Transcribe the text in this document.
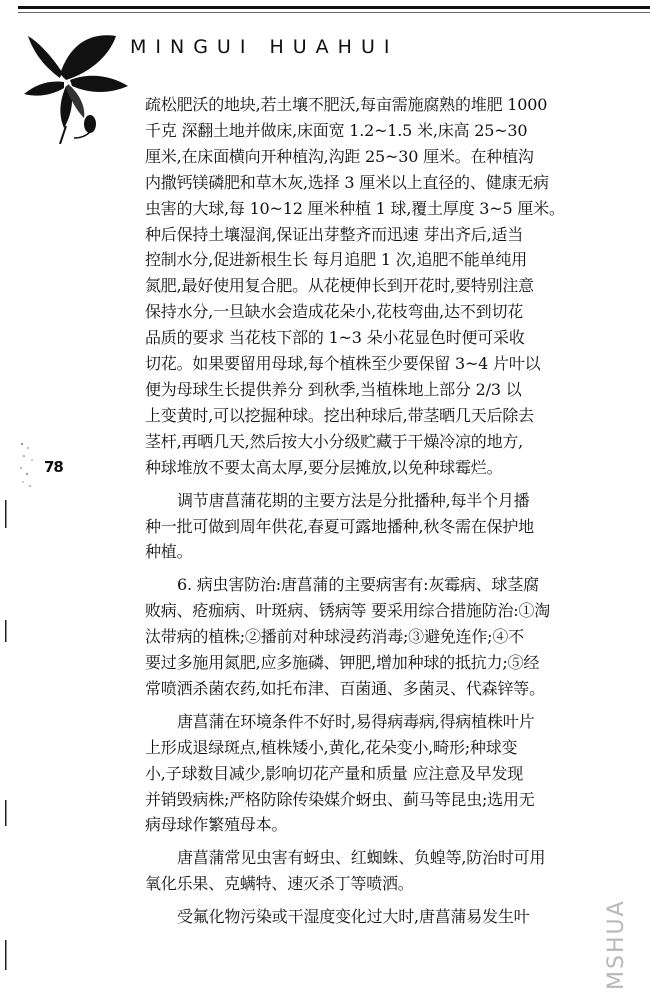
MINGUI HUAHUI
78
疏松肥沃的地块,若土壤不肥沃,每亩需施腐熟的堆肥 1000
千克 深翻土地并做床,床面宽 1.2~1.5 米,床高 25~30
厘米,在床面横向开种植沟,沟距 25~30 厘米。在种植沟
内撒钙镁磷肥和草木灰,选择 3 厘米以上直径的、健康无病
虫害的大球,每 10~12 厘米种植 1 球,覆土厚度 3~5 厘米。
种后保持土壤湿润,保证出芽整齐而迅速 芽出齐后,适当
控制水分,促进新根生长 每月追肥 1 次,追肥不能单纯用
氮肥,最好使用复合肥。从花梗伸长到开花时,要特别注意
保持水分,一旦缺水会造成花朵小,花枝弯曲,达不到切花
品质的要求 当花枝下部的 1~3 朵小花显色时便可采收
切花。如果要留用母球,每个植株至少要保留 3~4 片叶以
便为母球生长提供养分 到秋季,当植株地上部分 2/3 以
上变黄时,可以挖掘种球。挖出种球后,带茎晒几天后除去
茎杆,再晒几天,然后按大小分级贮藏于干燥冷凉的地方,
种球堆放不要太高太厚,要分层摊放,以免种球霉烂。
调节唐菖蒲花期的主要方法是分批播种,每半个月播
种一批可做到周年供花,春夏可露地播种,秋冬需在保护地
种植。
6. 病虫害防治:唐菖蒲的主要病害有:灰霉病、球茎腐
败病、疮痂病、叶斑病、锈病等 要采用综合措施防治:①淘
汰带病的植株;②播前对种球浸药消毒;③避免连作;④不
要过多施用氮肥,应多施磷、钾肥,增加种球的抵抗力;⑤经
常喷洒杀菌农药,如托布津、百菌通、多菌灵、代森锌等。
唐菖蒲在环境条件不好时,易得病毒病,得病植株叶片
上形成退绿斑点,植株矮小,黄化,花朵变小,畸形;种球变
小,子球数目减少,影响切花产量和质量 应注意及早发现
并销毁病株;严格防除传染媒介蚜虫、蓟马等昆虫;选用无
病母球作繁殖母本。
唐菖蒲常见虫害有蚜虫、红蜘蛛、负蝗等,防治时可用
氧化乐果、克螨特、速灭杀丁等喷洒。
受氟化物污染或干湿度变化过大时,唐菖蒲易发生叶	MSHUA
